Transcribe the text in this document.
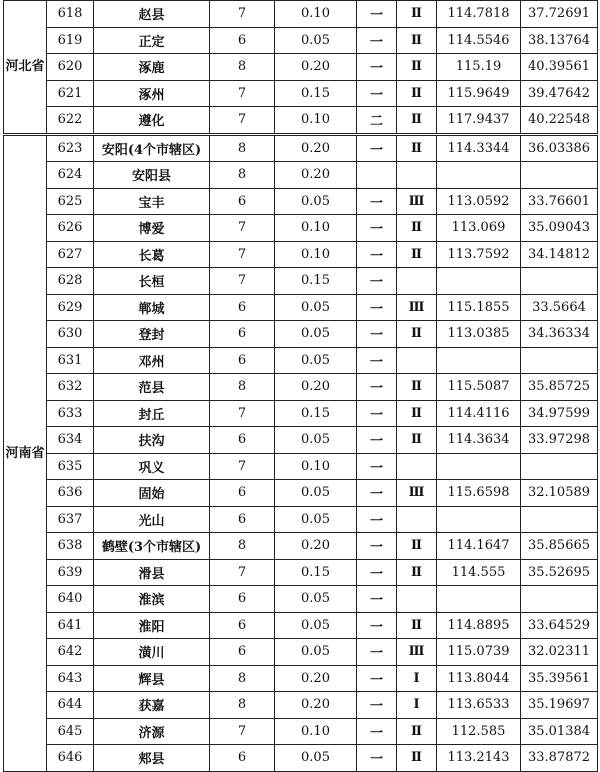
河北省	618	赵县	7	0.10	一	Ⅱ	114.7818	37.72691
	619	正定	6	0.05	一	Ⅱ	114.5546	38.13764
	620	涿鹿	8	0.20	一	Ⅱ	115.19	40.39561
	621	涿州	7	0.15	一	Ⅱ	115.9649	39.47642
	622	遵化	7	0.10	二	Ⅱ	117.9437	40.22548
河南省	623	安阳(4个市辖区)	8	0.20	一	Ⅱ	114.3344	36.03386
	624	安阳县	8	0.20				
	625	宝丰	6	0.05	一	Ⅲ	113.0592	33.76601
	626	博爱	7	0.10	一	Ⅱ	113.069	35.09043
	627	长葛	7	0.10	一	Ⅱ	113.7592	34.14812
	628	长桓	7	0.15	一			
	629	郸城	6	0.05	一	Ⅲ	115.1855	33.5664
	630	登封	6	0.05	一	Ⅱ	113.0385	34.36334
	631	邓州	6	0.05	一			
	632	范县	8	0.20	一	Ⅱ	115.5087	35.85725
	633	封丘	7	0.15	一	Ⅱ	114.4116	34.97599
	634	扶沟	6	0.05	一	Ⅱ	114.3634	33.97298
	635	巩义	7	0.10	一			
	636	固始	6	0.05	一	Ⅲ	115.6598	32.10589
	637	光山	6	0.05	一			
	638	鹤壁(3个市辖区)	8	0.20	一	Ⅱ	114.1647	35.85665
	639	滑县	7	0.15	一	Ⅱ	114.555	35.52695
	640	淮滨	6	0.05	一			
	641	淮阳	6	0.05	一	Ⅱ	114.8895	33.64529
	642	潢川	6	0.05	一	Ⅲ	115.0739	32.02311
	643	辉县	8	0.20	一	Ⅰ	113.8044	35.39561
	644	获嘉	8	0.20	一	Ⅰ	113.6533	35.19697
	645	济源	7	0.10	一	Ⅱ	112.585	35.01384
	646	郏县	6	0.05	一	Ⅱ	113.2143	33.87872
